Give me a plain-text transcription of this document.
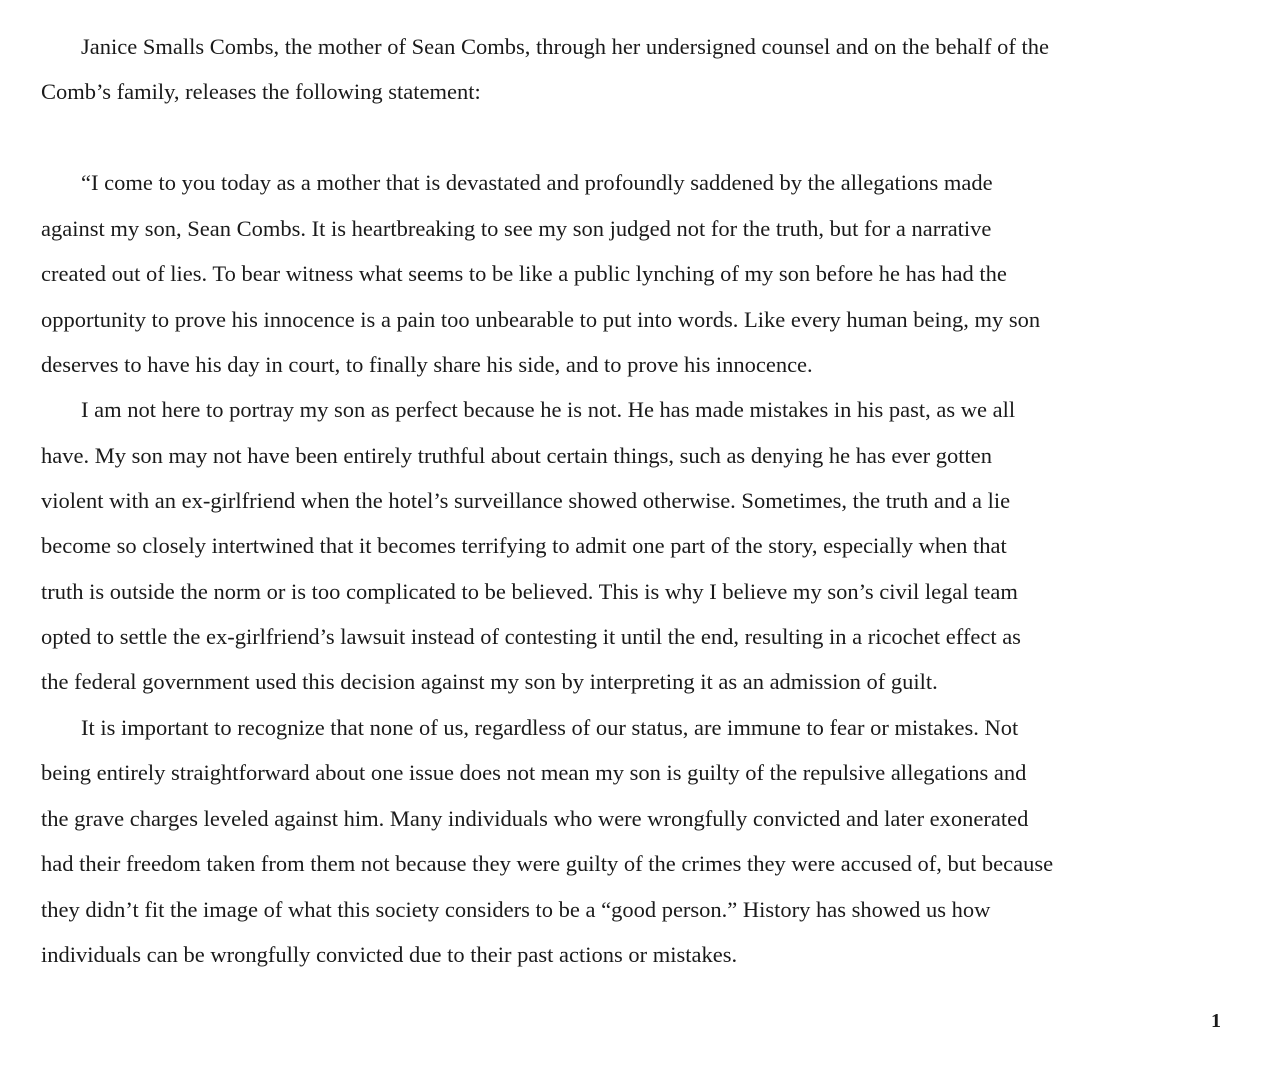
Janice Smalls Combs, the mother of Sean Combs, through her undersigned counsel and on the behalf of the
Comb’s family, releases the following statement:
“I come to you today as a mother that is devastated and profoundly saddened by the allegations made
against my son, Sean Combs. It is heartbreaking to see my son judged not for the truth, but for a narrative
created out of lies. To bear witness what seems to be like a public lynching of my son before he has had the
opportunity to prove his innocence is a pain too unbearable to put into words. Like every human being, my son
deserves to have his day in court, to finally share his side, and to prove his innocence.
I am not here to portray my son as perfect because he is not. He has made mistakes in his past, as we all
have. My son may not have been entirely truthful about certain things, such as denying he has ever gotten
violent with an ex-girlfriend when the hotel’s surveillance showed otherwise. Sometimes, the truth and a lie
become so closely intertwined that it becomes terrifying to admit one part of the story, especially when that
truth is outside the norm or is too complicated to be believed. This is why I believe my son’s civil legal team
opted to settle the ex-girlfriend’s lawsuit instead of contesting it until the end, resulting in a ricochet effect as
the federal government used this decision against my son by interpreting it as an admission of guilt.
It is important to recognize that none of us, regardless of our status, are immune to fear or mistakes. Not
being entirely straightforward about one issue does not mean my son is guilty of the repulsive allegations and
the grave charges leveled against him. Many individuals who were wrongfully convicted and later exonerated
had their freedom taken from them not because they were guilty of the crimes they were accused of, but because
they didn’t fit the image of what this society considers to be a “good person.” History has showed us how
individuals can be wrongfully convicted due to their past actions or mistakes.
1
